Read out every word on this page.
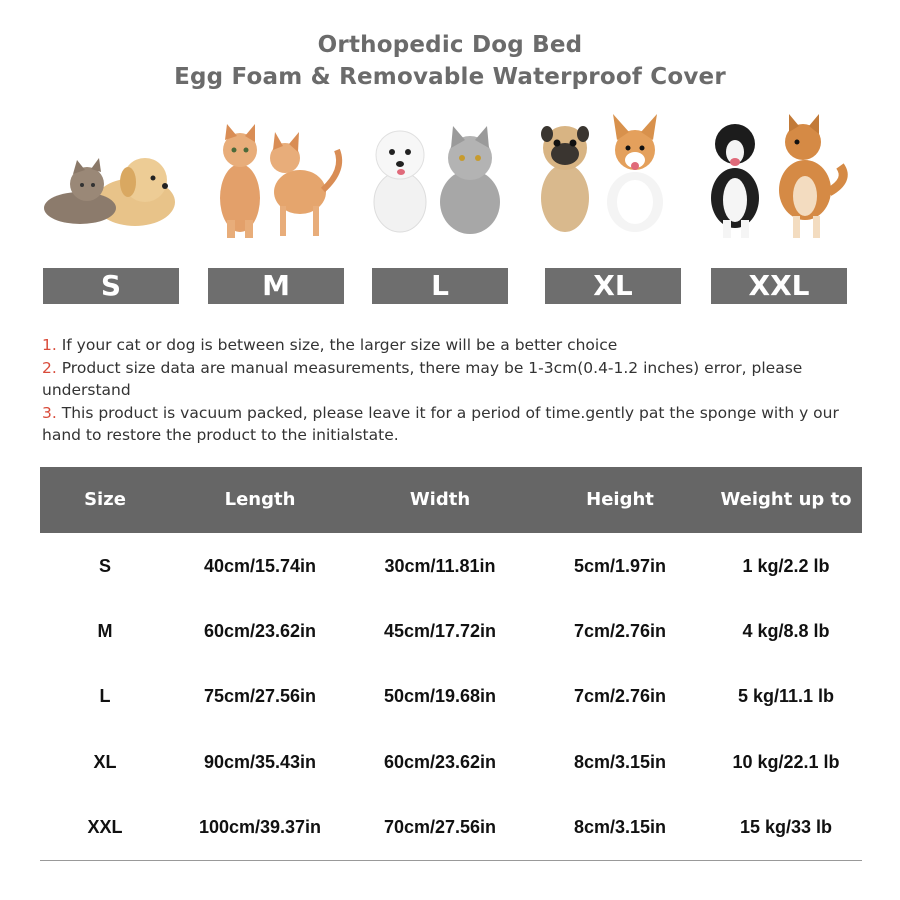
Orthopedic Dog Bed
Egg Foam & Removable Waterproof Cover
S	M	L	XL	XXL
1. If your cat or dog is between size, the larger size will be a better choice
2. Product size data are manual measurements, there may be 1-3cm(0.4-1.2 inches) error, please understand
3. This product is vacuum packed, please leave it for a period of time.gently pat the sponge with y our hand to restore the product to the initialstate.
Size	Length	Width	Height	Weight up to
S	40cm/15.74in	30cm/11.81in	5cm/1.97in	1 kg/2.2 lb
M	60cm/23.62in	45cm/17.72in	7cm/2.76in	4 kg/8.8 lb
L	75cm/27.56in	50cm/19.68in	7cm/2.76in	5 kg/11.1 lb
XL	90cm/35.43in	60cm/23.62in	8cm/3.15in	10 kg/22.1 lb
XXL	100cm/39.37in	70cm/27.56in	8cm/3.15in	15 kg/33 lb
